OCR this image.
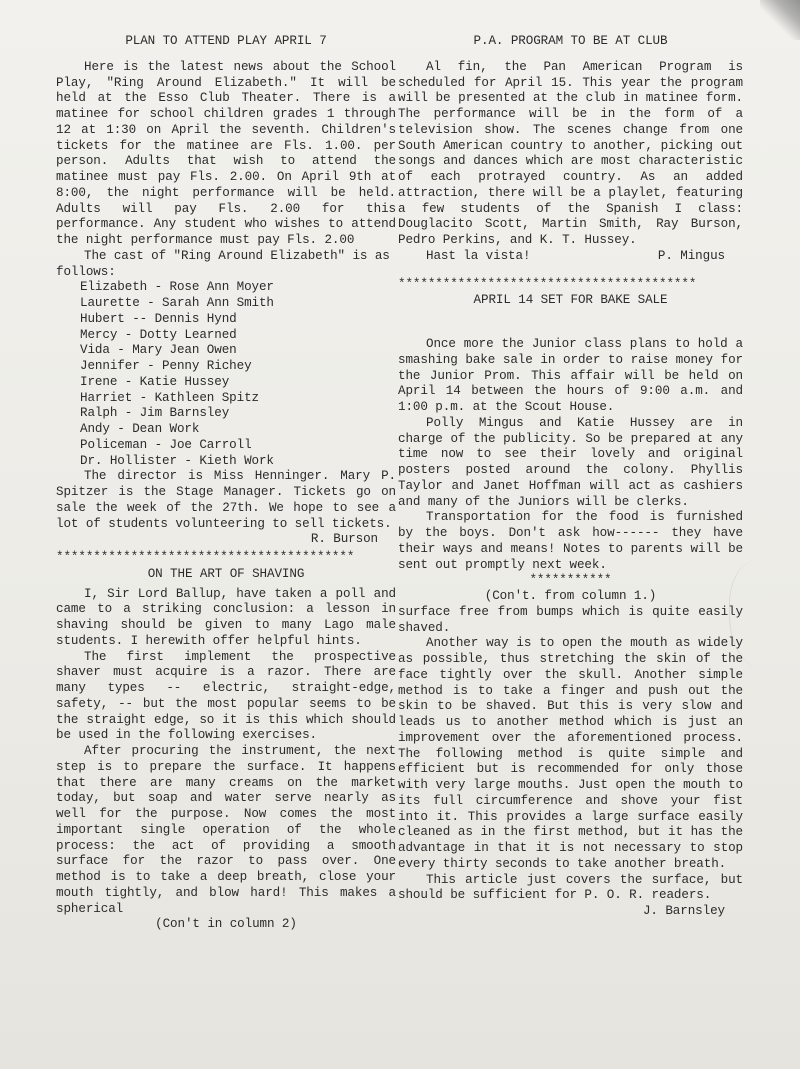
PLAN TO ATTEND PLAY APRIL 7

Here is the latest news about the School Play, "Ring Around Elizabeth." It will be held at the Esso Club Theater. There is a matinee for school children grades 1 through 12 at 1:30 on April the seventh. Children's tickets for the matinee are Fls. 1.00. per person. Adults that wish to attend the matinee must pay Fls. 2.00. On April 9th at 8:00, the night performance will be held. Adults will pay Fls. 2.00 for this performance. Any student who wishes to attend the night performance must pay Fls. 2.00

The cast of "Ring Around Elizabeth" is as follows:

Elizabeth - Rose Ann Moyer
Laurette - Sarah Ann Smith
Hubert -- Dennis Hynd
Mercy - Dotty Learned
Vida - Mary Jean Owen
Jennifer - Penny Richey
Irene - Katie Hussey
Harriet - Kathleen Spitz
Ralph - Jim Barnsley
Andy - Dean Work
Policeman - Joe Carroll
Dr. Hollister - Kieth Work

The director is Miss Henninger. Mary P. Spitzer is the Stage Manager. Tickets go on sale the week of the 27th. We hope to see a lot of students volunteering to sell tickets.

R. Burson
****************************************
ON THE ART OF SHAVING

I, Sir Lord Ballup, have taken a poll and came to a striking conclusion: a lesson in shaving should be given to many Lago male students. I herewith offer helpful hints.

The first implement the prospective shaver must acquire is a razor. There are many types -- electric, straight-edge, safety, -- but the most popular seems to be the straight edge, so it is this which should be used in the following exercises.

After procuring the instrument, the next step is to prepare the surface. It happens that there are many creams on the market today, but soap and water serve nearly as well for the purpose. Now comes the most important single operation of the whole process: the act of providing a smooth surface for the razor to pass over. One method is to take a deep breath, close your mouth tightly, and blow hard! This makes a spherical

(Con't in column 2)
P.A. PROGRAM TO BE AT CLUB

Al fin, the Pan American Program is scheduled for April 15. This year the program will be presented at the club in matinee form. The performance will be in the form of a television show. The scenes change from one South American country to another, picking out songs and dances which are most characteristic of each protrayed country. As an added attraction, there will be a playlet, featuring a few students of the Spanish I class: Douglacito Scott, Martin Smith, Ray Burson, Pedro Perkins, and K. T. Hussey.

Hast la vista!	P. Mingus
****************************************
APRIL 14 SET FOR BAKE SALE

Once more the Junior class plans to hold a smashing bake sale in order to raise money for the Junior Prom. This affair will be held on April 14 between the hours of 9:00 a.m. and 1:00 p.m. at the Scout House.

Polly Mingus and Katie Hussey are in charge of the publicity. So be prepared at any time now to see their lovely and original posters posted around the colony. Phyllis Taylor and Janet Hoffman will act as cashiers and many of the Juniors will be clerks.

Transportation for the food is furnished by the boys. Don't ask how------ they have their ways and means! Notes to parents will be sent out promptly next week.

***********
(Con't. from column 1.)

surface free from bumps which is quite easily shaved.

Another way is to open the mouth as widely as possible, thus stretching the skin of the face tightly over the skull. Another simple method is to take a finger and push out the skin to be shaved. But this is very slow and leads us to another method which is just an improvement over the aforementioned process. The following method is quite simple and efficient but is recommended for only those with very large mouths. Just open the mouth to its full circumference and shove your fist into it. This provides a large surface easily cleaned as in the first method, but it has the advantage in that it is not necessary to stop every thirty seconds to take another breath.

This article just covers the surface, but should be sufficient for P. O. R. readers.

J. Barnsley
